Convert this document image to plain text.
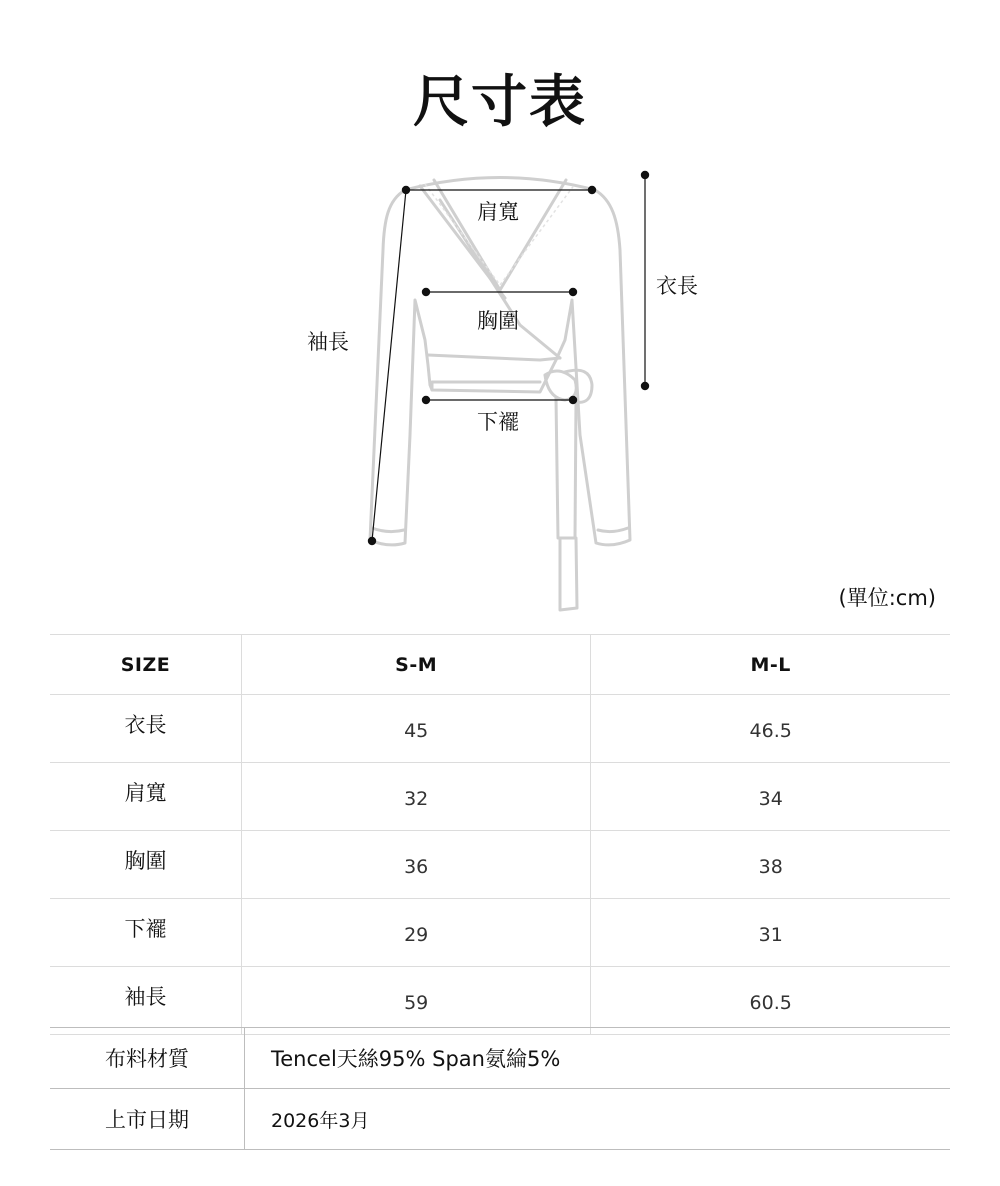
尺寸表
肩寬
胸圍
下襬
衣長
袖長
(單位:cm)
SIZE	S-M	M-L
衣長	45	46.5
肩寬	32	34
胸圍	36	38
下襬	29	31
袖長	59	60.5
布料材質	Tencel天絲95% Span氨綸5%
上市日期	2026年3月
